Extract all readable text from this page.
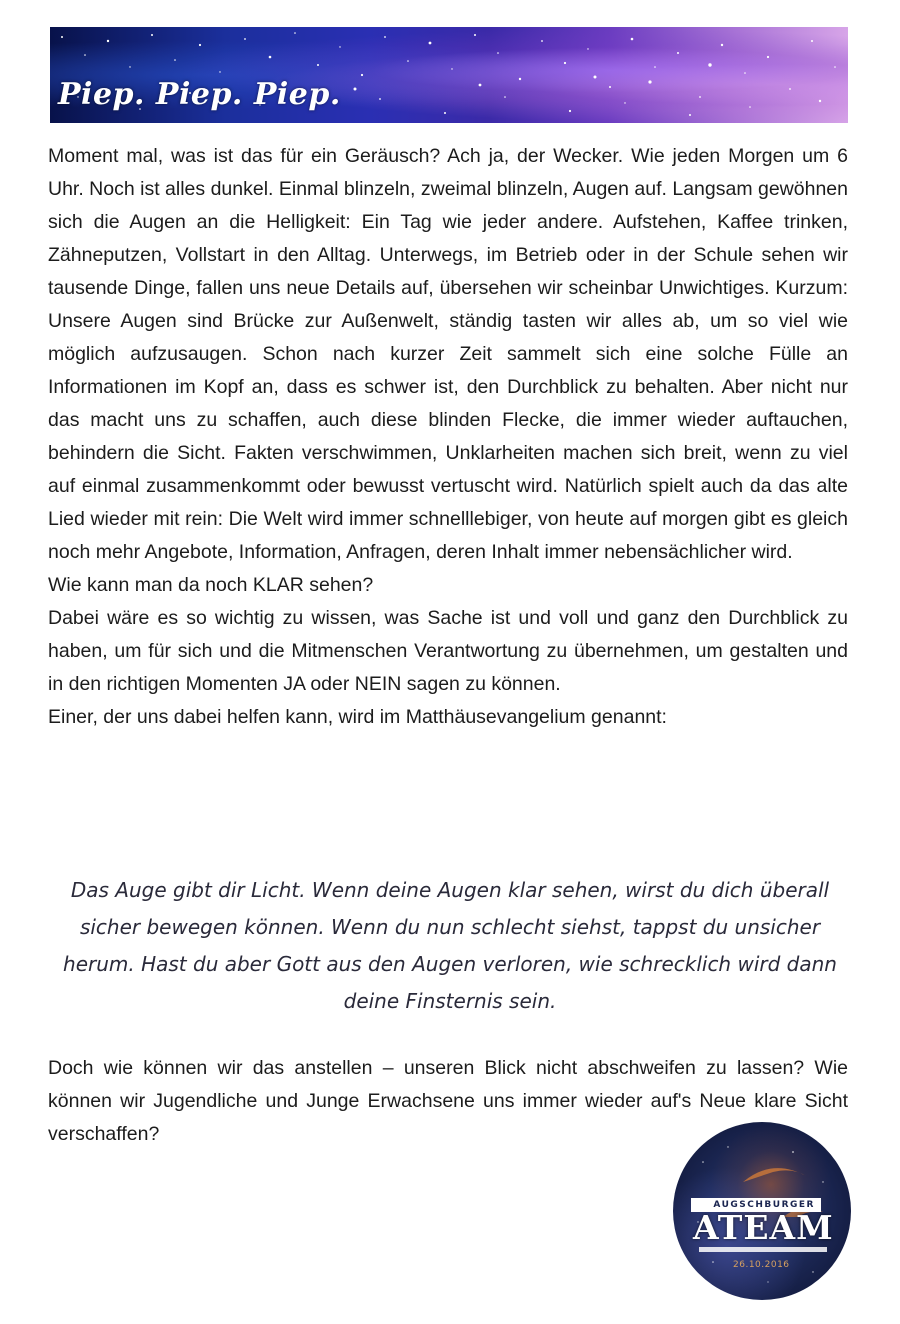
Piep. Piep. Piep.

Moment mal, was ist das für ein Geräusch? Ach ja, der Wecker. Wie jeden Morgen um 6 Uhr. Noch ist alles dunkel. Einmal blinzeln, zweimal blinzeln, Augen auf. Langsam gewöhnen sich die Augen an die Helligkeit: Ein Tag wie jeder andere. Aufstehen, Kaffee trinken, Zähneputzen, Vollstart in den Alltag. Unterwegs, im Betrieb oder in der Schule sehen wir tausende Dinge, fallen uns neue Details auf, übersehen wir scheinbar Unwichtiges. Kurzum: Unsere Augen sind Brücke zur Außenwelt, ständig tasten wir alles ab, um so viel wie möglich aufzusaugen. Schon nach kurzer Zeit sammelt sich eine solche Fülle an Informationen im Kopf an, dass es schwer ist, den Durchblick zu behalten. Aber nicht nur das macht uns zu schaffen, auch diese blinden Flecke, die immer wieder auftauchen, behindern die Sicht. Fakten verschwimmen, Unklarheiten machen sich breit, wenn zu viel auf einmal zusammenkommt oder bewusst vertuscht wird. Natürlich spielt auch da das alte Lied wieder mit rein: Die Welt wird immer schnelllebiger, von heute auf morgen gibt es gleich noch mehr Angebote, Information, Anfragen, deren Inhalt immer nebensächlicher wird.

Wie kann man da noch KLAR sehen?

Dabei wäre es so wichtig zu wissen, was Sache ist und voll und ganz den Durchblick zu haben, um für sich und die Mitmenschen Verantwortung zu übernehmen, um gestalten und in den richtigen Momenten JA oder NEIN sagen zu können.

Einer, der uns dabei helfen kann, wird im Matthäusevangelium genannt:

Das Auge gibt dir Licht. Wenn deine Augen klar sehen, wirst du dich überall sicher bewegen können. Wenn du nun schlecht siehst, tappst du unsicher herum. Hast du aber Gott aus den Augen verloren, wie schrecklich wird dann deine Finsternis sein.
Doch wie können wir das anstellen – unseren Blick nicht abschweifen zu lassen? Wie können wir Jugendliche und Junge Erwachsene uns immer wieder auf's Neue klare Sicht verschaffen?
AUGSCHBURGER
ATEAM
26.10.2016
